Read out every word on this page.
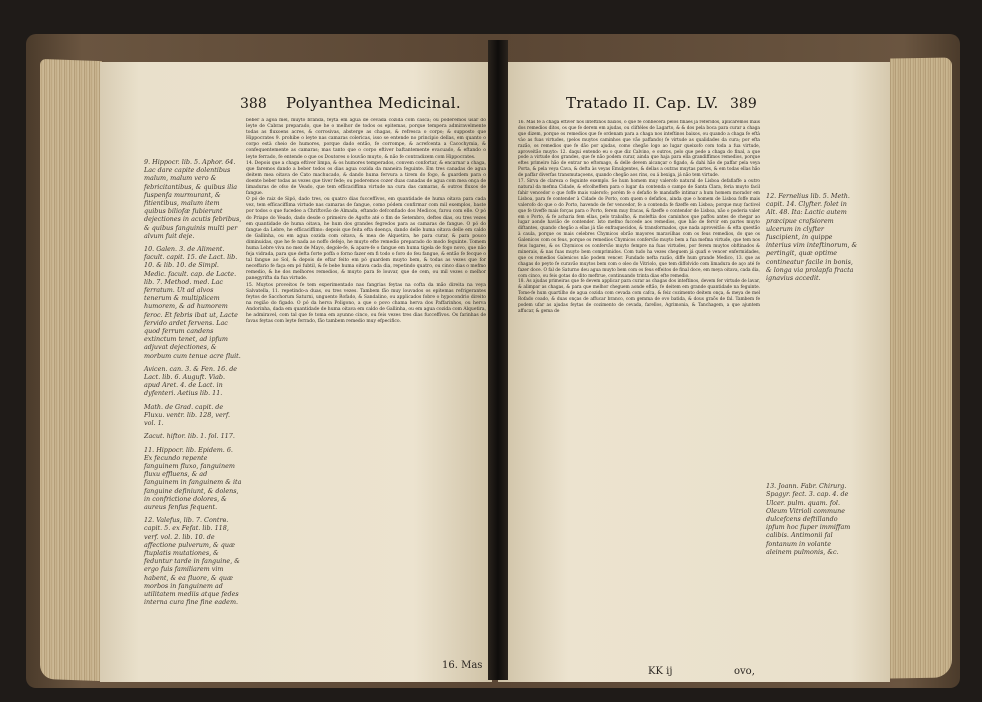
388 Polyanthea Medicinal.

9. Hippocr. lib. 5. Aphor. 64. Lac dare capite dolentibus malum, malum vero & febricitantibus, & quibus ilia fuspenfa murmurant, & fitientibus, malum item quibus biliofæ fubierunt dejectiones in acutis febribus, & quibus fanguinis multi per alvum fuit deje.

10. Galen. 3. de Aliment. facult. capit. 15. de Lact. lib. 10. & lib. 10. de Simpl. Medic. facult. cap. de Lacte. lib. 7. Method. med. Lac ferratum. Ut ad alvos tenerum & multiplicem humorem, & ad humorem feroc. Et febris ibat ut, Lacte fervido ardet fervens. Lac quod ferrum candens extinctum tenet, ad ipfum adjuvat dejectiones, & morbum cum tenue acre fluit.

Avicen. can. 3. & Fen. 16. de Lact. lib. 6. Auguft. Viab. apud Aret. 4. de Lact. in dyfenteri. Aetius lib. 11.

Math. de Grad. capit. de Fluxu. ventr. lib. 128, verf. vol. 1.

Zacut. hiftor. lib. 1. fol. 117.

11. Hippocr. lib. Epidem. 6. Ex fecundo repente fanguinem fluxo, fanguinem fluxu effluens, & ad fanguinem in fanguinem & ita fanguine definiunt, & dolens, in confrictione dolores, & aureus fenfus fequent.

12. Valefus, lib. 7. Contrв. capit. 5. ex Fefat. lib. 118, verf. vol. 2. lib. 10. de affectione pulverum, & quæ ftuplatis mutationes, & feduntur tarde in fanguine, & ergo fuis familiarem vim habent, & ea fluore, & quæ morbos in fanguinem ad utilitatem mediis atque fedes interna cura fine fine eadem.

beber a agoa mel, muyto branda, feyta em agua de cevada cozida com casca; ou poderemos usar do leyte de Cabras preparado, que he o melhor de todos os epitemas, porque tempera admiravelmente todas as fluxoens acres, & corrosivas, abstergе as chagas, & refresca o corpo; & supposto que Hippocrates 9. prohibe o leyte nas camaras colericas, isso se entende no principio dellas, em quanto o corpo està cheio de humores, porque dado então, fe corrompe, & acrefcenta a Cacochymia, & confequentemente as camaras; mas tanto que o corpo eftiver baftantemente evacuado, & eftando o leyte ferrado, fe entende o que os Doutores o louvão muyto, & não fe contradizem com Hippocrates.

14. Depois que a chaga eftiver limpa, & os humores temperados, convem confortar, & encarnar a chaga, que faremos dando a beber todos os dias agua cozida da maneira feguinte. Em tres canadas de agua deitem mea oitava de Cato machucado, & dando huma fervura a tirem do fogo, & guardem para o doente beber todas as vezes que tiver fede; ou poderemos cozer duas canadas de agua com mea onça de limaduras de ofso de Veado, que tem efficaciffima virtude na cura das camaras, & outros fluxos de fangue.

O pó de raiz de Sipó, dado tres, ou quatro dias fucceffivos, em quantidade de huma oitava para cada vez, tem efficaciffima virtude nas camaras de fangue, como pódem confirmar com mil exemplos, baste por todos o que fucedeo a Chriftovão de Almada, eftando defconfiado dos Medicos, farou com elle. O pó do Priapo do Veado, dado desde o primeiro de Agofto até o fim de Setembro, deftes dias, ou tres vezes em quantidade de huma oitava, he hum dos grandes fegredos para as camaras de fangue. O pó do fangue da Lebre, he efficaciffimo: depois que feita efta doença, dando delle huma oitava delle em caldo de Gallinha, ou em agua cozida com oitava, & mea de Alquetira, he para curar, & para pouco diminuidas, que he fe nada ao noffo defejo, he muyto efte remedio preparado do modo feguinte. Tomem huma Lebre viva no mez de Mayo, degole-fe, & apare-fe o fangue em huma tigela de fogo novo, que não feja vidrada, para que defta forte poffa o forno fazer em fi todo o foro do feu fangue, & então fe fecque o tal fangue ao Sol, & depois de eftar feito em pó guardem muyto bem, & todas as vezes que for neceffario fe faça em pó fubtil, & fe bebe huma oitava cada dia, repetindo quatro, ou cinco dias o mefmo remedio, & he dos melhores remedios, & muyto para fe louvar, que de cem, ou mil vezes o melhor panegyrifta da fua virtude.

15. Muytos proveitos fe tem experimentado nas fangrias feytas na cofta da mão direita na veya Salvatella, 11. repetindo-a duas, ou tres vezes. Tambem fão muy louvados os epitemas refrigerantes feytos de Sacchorum Saturni, unguento Rofado, & Sandalino, ou applicados fobre o hypocondrio direito na região do figado. O pó da herva Poligono, a que o povo chama herva dos Paffarinhos, ou herva Andorinha, dada em quantidade de huma oitava em caldo de Gallinha, ou em agua cozida com Alquetira, he admiravel, com tal que fe toma em ayunno cinco, ou feis vezes tres dias fucceffivos. Os farinhas de favas feytas com leyte ferrado, fão tambem remedio muy efpecifico.

16. Mas
Tratado II. Cap. LV. 389

16. Mas fe a chaga eftiver nos inteftinos baixos, o que fe conhecerà pelos finaes já referidos, aplicaremos mais dos remedios ditos, os que fe derem em ajudas, ou cliftèles de Lagarto, & & dos pela boca para curar a chaga que dizem, porque os remedios que fe ordenam para a chaga nos inteftinos baixos, ou quando a chaga fe eftà vào as fuas virtudes, (pelos muytos caminhos que vão paffando) fe virtude as qualidades da cura; por efta razão, os remedios que fe dão por ajudas, como chegão logo ao lugar queixofo com toda a fua virtude, aproveitão muyto: 12. daqui entendo eu o que diz Calvino, e outros, pelo que pede a chaga do final, a que pode a virtude dos grandes, que fe não podem curar, ainda que haja para ella grandiffimos remedios, porque eftes primeiro hão de entrar no eftomago, & delle devem alcançar o figado, & dahi hão de paffar pela veya Porta, & pela veya Cava, & defta às veyas Emulgentes, & dellas a outras muytas partes, & em todas ellas hão de paffar diverfas transmutaçoens, quando chegão aos rins, ou á bexiga, já não tem virtude.

17. Sirva de clareza o feguinte exemplo. Se hum homem muy valerofo natural de Lisboa defafiaffe a outro natural da mefma Cidade, & efcolheffem para o lugar da contenda o campo de Santa Clara, feria muyto facil fahir vencedor o que foffe mais valerofo; porém fe o defafio fe mandaffe intimar a hum homem morador em Lisboa, para fe contender à Cidade do Porto, com quem o defafiou, ainda que o homem de Lisboa foffe mais valerofo do que o do Porto, havendo de fer vencedor, fe a contenda fe fizeffe em Lisboa; porque muy factivel que fe tiveffe mais forças para o Porto, ferem muy fracas, & fizeffe o contendor de Lisboa, não o poderia valer em o Porto, & fe acharia fem ellas, pelo trabalho, & moleftia dos caminhos que paffou antes de chegar ao lugar aonde havião de contender. Isto mefmo fuccede aos remedios, que hão de fervir em partes muyto diftantes, quando chegão a ellas já tão enfraquecidos, & transformados, que nada aproveitão: & efta questão à caula, porque os mais celebres Chymicos obrão mayores maravilhas com os feus remedios, do que os Galenicos com os feus, porque os remedios Chymicos confervão muyto bem a fua mefma virtude, que tem nos feus lugares, & os Chymicos os confervão muyto fempre na fuas virtudes, por ferem muytos obftinados & minerais, & nas fuas muyto bem comprimidos. Com tudo ha vezes cheguem já quafi e vencer enfermidades, que os remedios Galenicos não podem vencer. Fundado nefta razão, diffe hum grande Medico, 13. que as chagas do peyto fe curavão muytos bem com o oleo do Vitriolo, que tem diffolvido com limadura de aço até fe fazer doce. O fal de Saturno deu agua muyto bem com os feus effeitos de final doce, em meya oitava, cada dia, com cinco, ou feis gotas do dito meftrue, continuando trinta dias efte remedio.

18. As ajudas primeiras que fe devem applicar para curar as chagas dos inteftinos, devem fer virtude de lavar, & alimpar as chagas, & para que melhor cheguem aonde eftão, fe deitem em grande quantidade na feguinte. Tome-fe hum quartilho de agua cozida com cevada com cafca, & feiz cozimento deitem onça, & meya de mel Rofado coado, & duas onças de affucar branco, com gemma de ovo batida, & dous graõs de fal. Tambem fe podem ufar as ajudas feytas de cozimento de cevada, farellos, Agrimonia, & Tanchagem, a que ajuntem affucar, & gema de

12. Fernelius lib. 5. Meth. capit. 14. Clyfter. folet in Alt. 48. Ita: Lactic autem præcipue crafsiorem ulcerum in clyfter fuscipient, in quippe interius vim inteftinorum, & pertingit, quæ optime contineatur facile in bonis, & longa via prolapfa fracta ignavius accedit.

13. Joann. Fabr. Chirurg. Spagyr. fect. 3. cap. 4. de Ulcer. pulm. quam. fol. Oleum Vitrioli commune dulcefcens deftillando ipfum hoc fuper immiffam calibis. Antimonii fal fontanum in volante aleinem pulmonis, &c.

KK ij	ovo,
